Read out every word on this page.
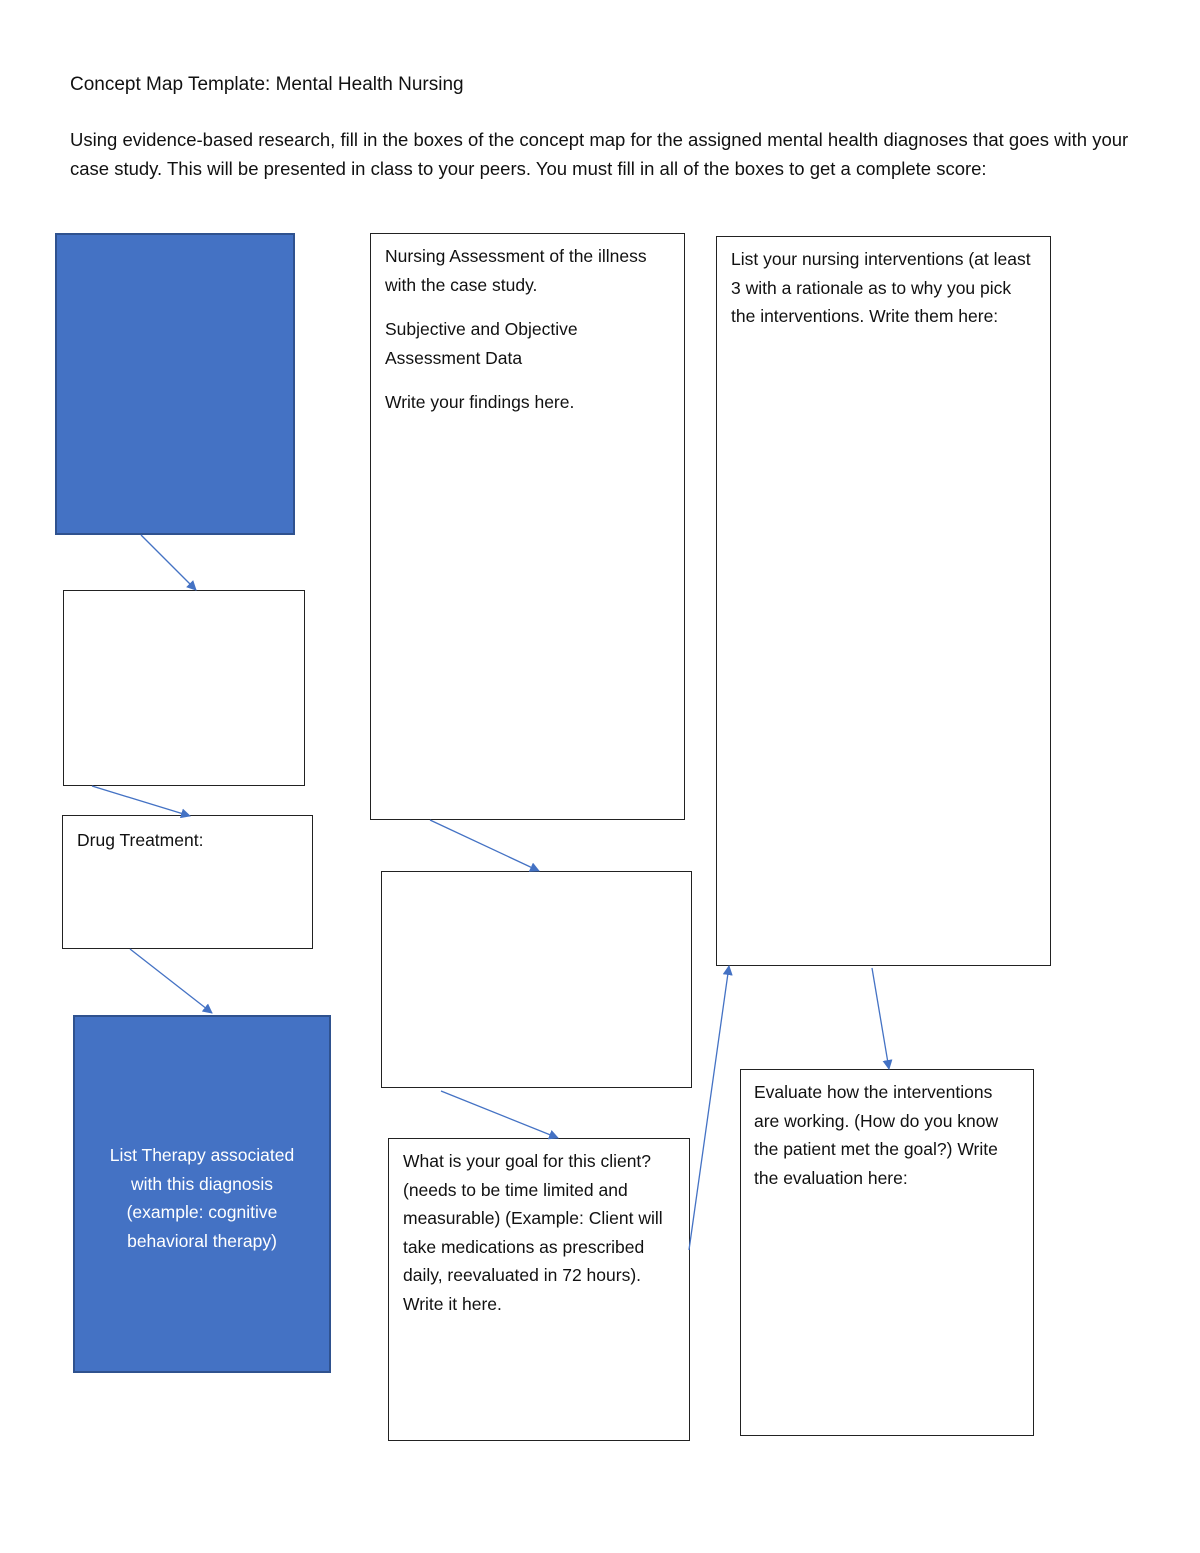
Concept Map Template: Mental Health Nursing
Using evidence-based research, fill in the boxes of the concept map for the assigned mental health diagnoses that goes with your case study. This will be presented in class to your peers. You must fill in all of the boxes to get a complete score:
Drug Treatment:
List Therapy associated with this diagnosis (example: cognitive behavioral therapy)

Nursing Assessment of the illness with the case study.

Subjective and Objective Assessment Data

Write your findings here.

What is your goal for this client? (needs to be time limited and measurable) (Example: Client will take medications as prescribed daily, reevaluated in 72 hours). Write it here.
List your nursing interventions (at least 3 with a rationale as to why you pick the interventions. Write them here:
Evaluate how the interventions are working. (How do you know the patient met the goal?) Write the evaluation here:
